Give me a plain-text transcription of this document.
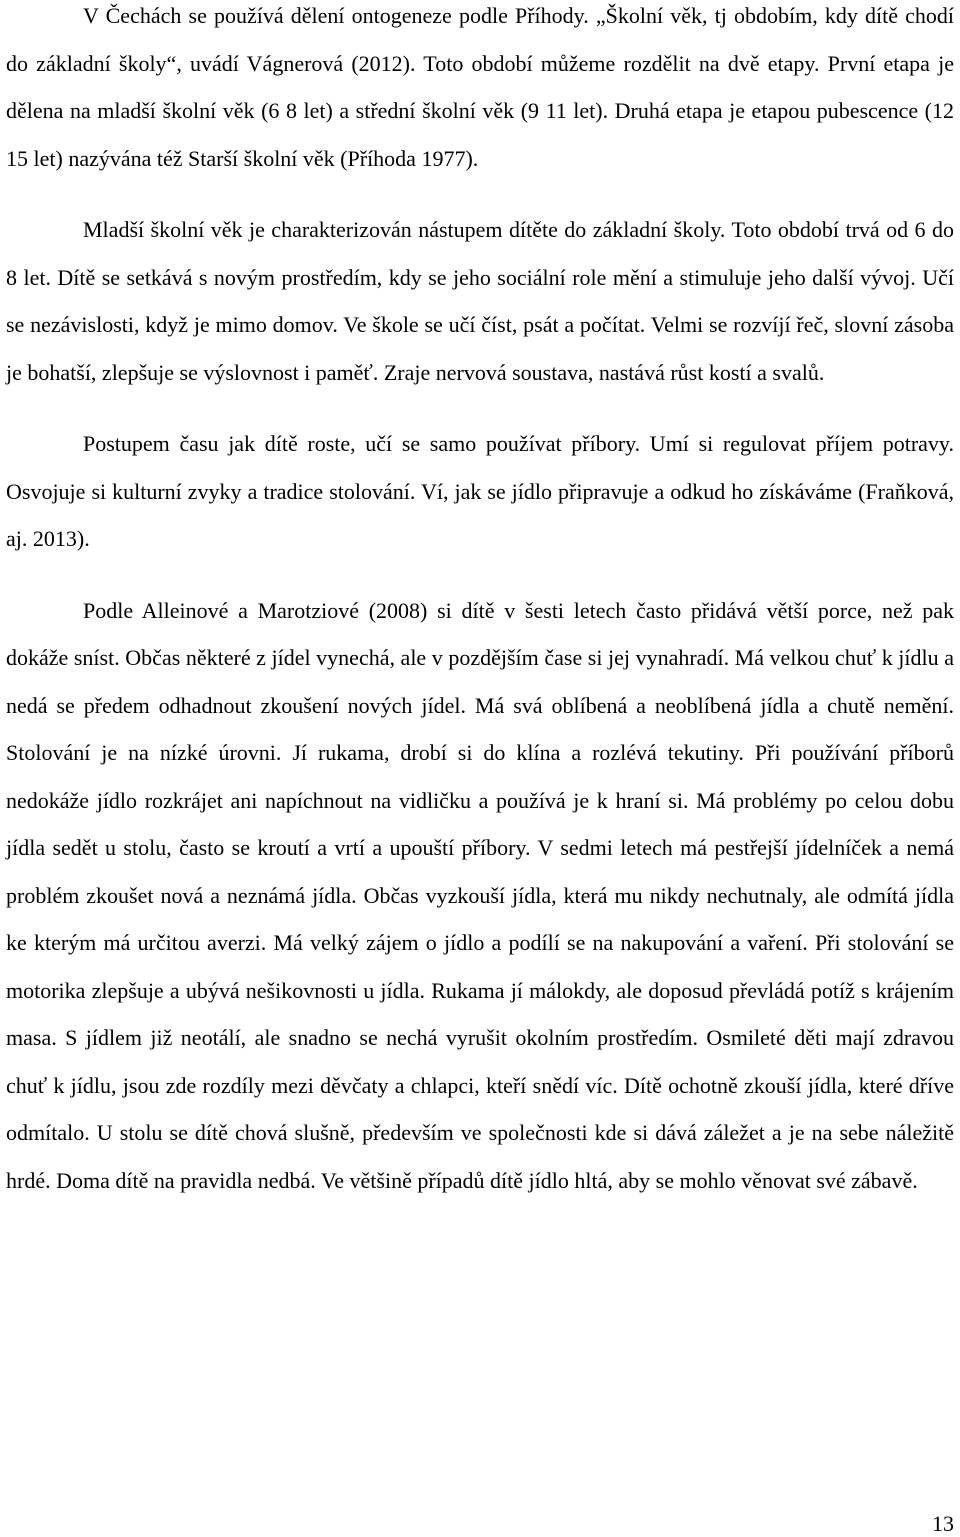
V Čechách se používá dělení ontogeneze podle Příhody. „Školní věk, tj obdobím, kdy dítě chodí do základní školy“, uvádí Vágnerová (2012). Toto období můžeme rozdělit na dvě etapy. První etapa je dělena na mladší školní věk (6 8 let) a střední školní věk (9 11 let). Druhá etapa je etapou pubescence (12 15 let) nazývána též Starší školní věk (Příhoda 1977).

Mladší školní věk je charakterizován nástupem dítěte do základní školy. Toto období trvá od 6 do 8 let. Dítě se setkává s novým prostředím, kdy se jeho sociální role mění a stimuluje jeho další vývoj. Učí se nezávislosti, když je mimo domov. Ve škole se učí číst, psát a počítat. Velmi se rozvíjí řeč, slovní zásoba je bohatší, zlepšuje se výslovnost i paměť. Zraje nervová soustava, nastává růst kostí a svalů.

Postupem času jak dítě roste, učí se samo používat příbory. Umí si regulovat příjem potravy. Osvojuje si kulturní zvyky a tradice stolování. Ví, jak se jídlo připravuje a odkud ho získáváme (Fraňková, aj. 2013).

Podle Alleinové a Marotziové (2008) si dítě v šesti letech často přidává větší porce, než pak dokáže sníst. Občas některé z jídel vynechá, ale v pozdějším čase si jej vynahradí. Má velkou chuť k jídlu a nedá se předem odhadnout zkoušení nových jídel. Má svá oblíbená a neoblíbená jídla a chutě nemění. Stolování je na nízké úrovni. Jí rukama, drobí si do klína a rozlévá tekutiny. Při používání příborů nedokáže jídlo rozkrájet ani napíchnout na vidličku a používá je k hraní si. Má problémy po celou dobu jídla sedět u stolu, často se kroutí a vrtí a upouští příbory. V sedmi letech má pestřejší jídelníček a nemá problém zkoušet nová a neznámá jídla. Občas vyzkouší jídla, která mu nikdy nechutnaly, ale odmítá jídla ke kterým má určitou averzi. Má velký zájem o jídlo a podílí se na nakupování a vaření. Při stolování se motorika zlepšuje a ubývá nešikovnosti u jídla. Rukama jí málokdy, ale doposud převládá potíž s krájením masa. S jídlem již neotálí, ale snadno se nechá vyrušit okolním prostředím. Osmileté děti mají zdravou chuť k jídlu, jsou zde rozdíly mezi děvčaty a chlapci, kteří snědí víc. Dítě ochotně zkouší jídla, které dříve odmítalo. U stolu se dítě chová slušně, především ve společnosti kde si dává záležet a je na sebe náležitě hrdé. Doma dítě na pravidla nedbá. Ve většině případů dítě jídlo hltá, aby se mohlo věnovat své zábavě.

13
